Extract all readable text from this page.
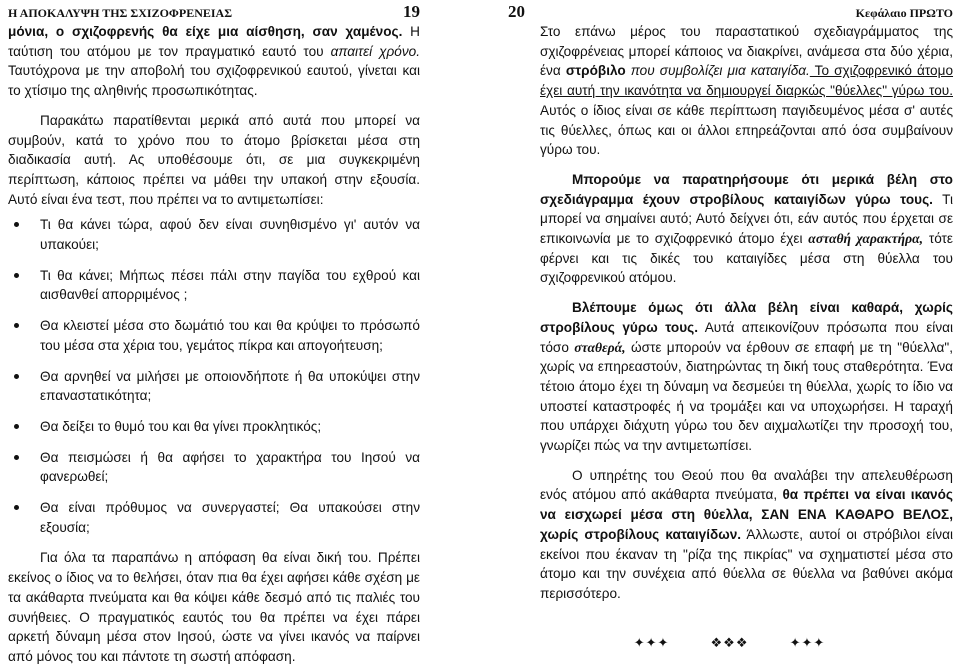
Η ΑΠΟΚΑΛΥΨΗ ΤΗΣ ΣΧΙΖΟΦΡΕΝΕΙΑΣ	19

μόνια, ο σχιζοφρενής θα είχε μια αίσθηση, σαν χαμένος. Η ταύτιση του ατόμου με τον πραγματικό εαυτό του απαιτεί χρόνο. Ταυτόχρονα με την αποβολή του σχιζοφρενικού εαυτού, γίνεται και το χτίσιμο της αληθινής προσωπικότητας.

Παρακάτω παρατίθενται μερικά από αυτά που μπορεί να συμβούν, κατά το χρόνο που το άτομο βρίσκεται μέσα στη διαδικασία αυτή. Ας υποθέσουμε ότι, σε μια συγκεκριμένη περίπτωση, κάποιος πρέπει να μάθει την υπακοή στην εξουσία. Αυτό είναι ένα τεστ, που πρέπει να το αντιμετωπίσει:

Τι θα κάνει τώρα, αφού δεν είναι συνηθισμένο γι' αυτόν να υπακούει;
Τι θα κάνει; Μήπως πέσει πάλι στην παγίδα του εχθρού και αισθανθεί απορριμένος ;
Θα κλειστεί μέσα στο δωμάτιό του και θα κρύψει το πρόσωπό του μέσα στα χέρια του, γεμάτος πίκρα και απογοήτευση;
Θα αρνηθεί να μιλήσει με οποιονδήποτε ή θα υποκύψει στην επαναστατικότητα;
Θα δείξει το θυμό του και θα γίνει προκλητικός;
Θα πεισμώσει ή θα αφήσει το χαρακτήρα του Ιησού να φανερωθεί;
Θα είναι πρόθυμος να συνεργαστεί; Θα υπακούσει στην εξουσία;

Για όλα τα παραπάνω η απόφαση θα είναι δική του. Πρέπει εκείνος ο ίδιος να το θελήσει, όταν πια θα έχει αφήσει κάθε σχέση με τα ακάθαρτα πνεύματα και θα κόψει κάθε δεσμό από τις παλιές του συνήθειες. Ο πραγματικός εαυτός του θα πρέπει να έχει πάρει αρκετή δύναμη μέσα στον Ιησού, ώστε να γίνει ικανός να παίρνει από μόνος του και πάντοτε τη σωστή απόφαση.

20	Κεφάλαιο ΠΡΩΤΟ

Στο επάνω μέρος του παραστατικού σχεδιαγράμματος της σχιζοφρένειας μπορεί κάποιος να διακρίνει, ανάμεσα στα δύο χέρια, ένα στρόβιλο που συμβολίζει μια καταιγίδα. Το σχιζοφρενικό άτομο έχει αυτή την ικανότητα να δημιουργεί διαρκώς "θύελλες" γύρω του. Αυτός ο ίδιος είναι σε κάθε περίπτωση παγιδευμένος μέσα σ' αυτές τις θύελλες, όπως και οι άλλοι επηρεάζονται από όσα συμβαίνουν γύρω του.

Μπορούμε να παρατηρήσουμε ότι μερικά βέλη στο σχεδιάγραμμα έχουν στροβίλους καταιγίδων γύρω τους. Τι μπορεί να σημαίνει αυτό; Αυτό δείχνει ότι, εάν αυτός που έρχεται σε επικοινωνία με το σχιζοφρενικό άτομο έχει ασταθή χαρακτήρα, τότε φέρνει και τις δικές του καταιγίδες μέσα στη θύελλα του σχιζοφρενικού ατόμου.

Βλέπουμε όμως ότι άλλα βέλη είναι καθαρά, χωρίς στροβίλους γύρω τους. Αυτά απεικονίζουν πρόσωπα που είναι τόσο σταθερά, ώστε μπορούν να έρθουν σε επαφή με τη "θύελλα", χωρίς να επηρεαστούν, διατηρώντας τη δική τους σταθερότητα. Ένα τέτοιο άτομο έχει τη δύναμη να δεσμεύει τη θύελλα, χωρίς το ίδιο να υποστεί καταστροφές ή να τρομάξει και να υποχωρήσει. Η ταραχή που υπάρχει διάχυτη γύρω του δεν αιχμαλωτίζει την προσοχή του, γνωρίζει πώς να την αντιμετωπίσει.

Ο υπηρέτης του Θεού που θα αναλάβει την απελευθέρωση ενός ατόμου από ακάθαρτα πνεύματα, θα πρέπει να είναι ικανός να εισχωρεί μέσα στη θύελλα, ΣΑΝ ΕΝΑ ΚΑΘΑΡΟ ΒΕΛΟΣ, χωρίς στροβίλους καταιγίδων. Άλλωστε, αυτοί οι στρόβιλοι είναι εκείνοι που έκαναν τη "ρίζα της πικρίας" να σχηματιστεί μέσα στο άτομο και την συνέχεια από θύελλα σε θύελλα να βαθύνει ακόμα περισσότερο.

✦✦✦	❖❖❖	✦✦✦
